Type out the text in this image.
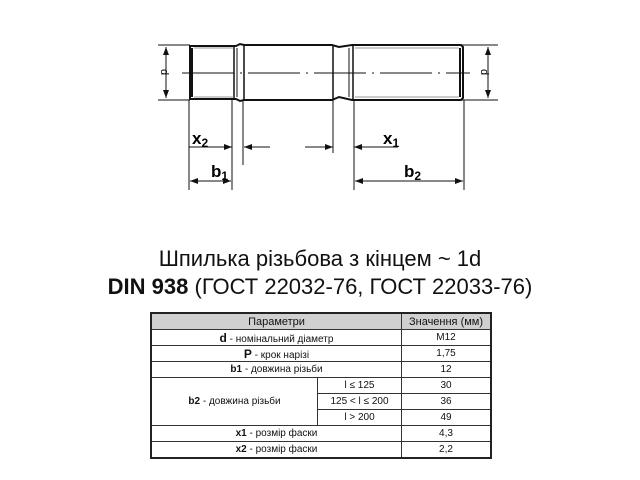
d	d
x2	x1
b1	b2
Шпилька різьбова з кінцем ~ 1d
DIN 938 (ГОСТ 22032-76, ГОСТ 22033-76)
Параметри		Значення (мм)
d - номінальний діаметр		M12
P - крок нарізі		1,75
b1 - довжина різьби		12
b2 - довжина різьби	l ≤ 125	30
	125 < l ≤ 200	36
	l > 200	49
x1 - розмір фаски		4,3
x2 - розмір фаски		2,2
